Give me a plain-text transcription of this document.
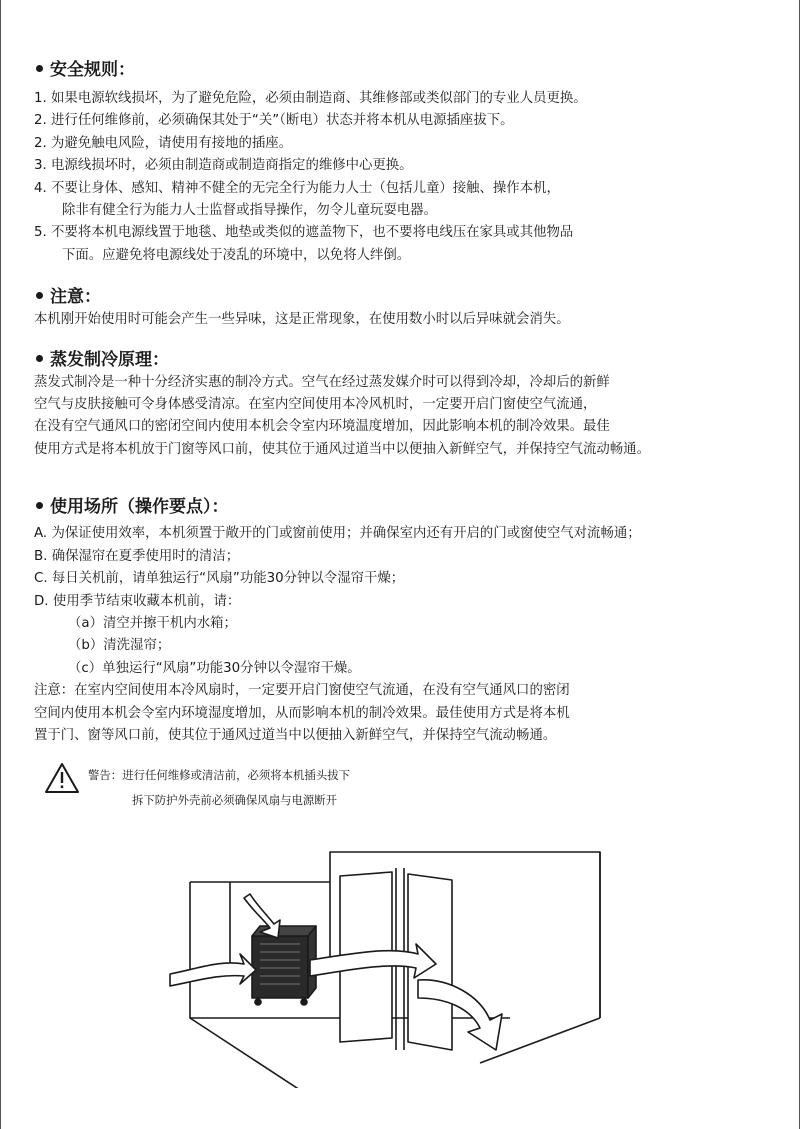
安全规则：

1. 如果电源软线损坏，为了避免危险，必须由制造商、其维修部或类似部门的专业人员更换。

2. 进行任何维修前，必须确保其处于“关”（断电）状态并将本机从电源插座拔下。

2. 为避免触电风险，请使用有接地的插座。

3. 电源线损坏时，必须由制造商或制造商指定的维修中心更换。

4. 不要让身体、感知、精神不健全的无完全行为能力人士（包括儿童）接触、操作本机，

除非有健全行为能力人士监督或指导操作，勿令儿童玩耍电器。

5. 不要将本机电源线置于地毯、地垫或类似的遮盖物下，也不要将电线压在家具或其他物品

下面。应避免将电源线处于凌乱的环境中，以免将人绊倒。

注意：

本机刚开始使用时可能会产生一些异味，这是正常现象，在使用数小时以后异味就会消失。

蒸发制冷原理：

蒸发式制冷是一种十分经济实惠的制冷方式。空气在经过蒸发媒介时可以得到冷却，冷却后的新鲜

空气与皮肤接触可令身体感受清凉。在室内空间使用本冷风机时，一定要开启门窗使空气流通，

在没有空气通风口的密闭空间内使用本机会令室内环境温度增加，因此影响本机的制冷效果。最佳

使用方式是将本机放于门窗等风口前，使其位于通风过道当中以便抽入新鲜空气，并保持空气流动畅通。

使用场所（操作要点）：

A. 为保证使用效率，本机须置于敞开的门或窗前使用；并确保室内还有开启的门或窗使空气对流畅通；

B. 确保湿帘在夏季使用时的清洁；

C. 每日关机前，请单独运行“风扇”功能30分钟以令湿帘干燥；

D. 使用季节结束收藏本机前，请：

（a）清空并擦干机内水箱；

（b）清洗湿帘；

（c）单独运行“风扇”功能30分钟以令湿帘干燥。

注意：在室内空间使用本冷风扇时，一定要开启门窗使空气流通，在没有空气通风口的密闭

空间内使用本机会令室内环境湿度增加，从而影响本机的制冷效果。最佳使用方式是将本机

置于门、窗等风口前，使其位于通风过道当中以便抽入新鲜空气，并保持空气流动畅通。

警告：进行任何维修或清洁前，必须将本机插头拔下
拆下防护外壳前必须确保风扇与电源断开
